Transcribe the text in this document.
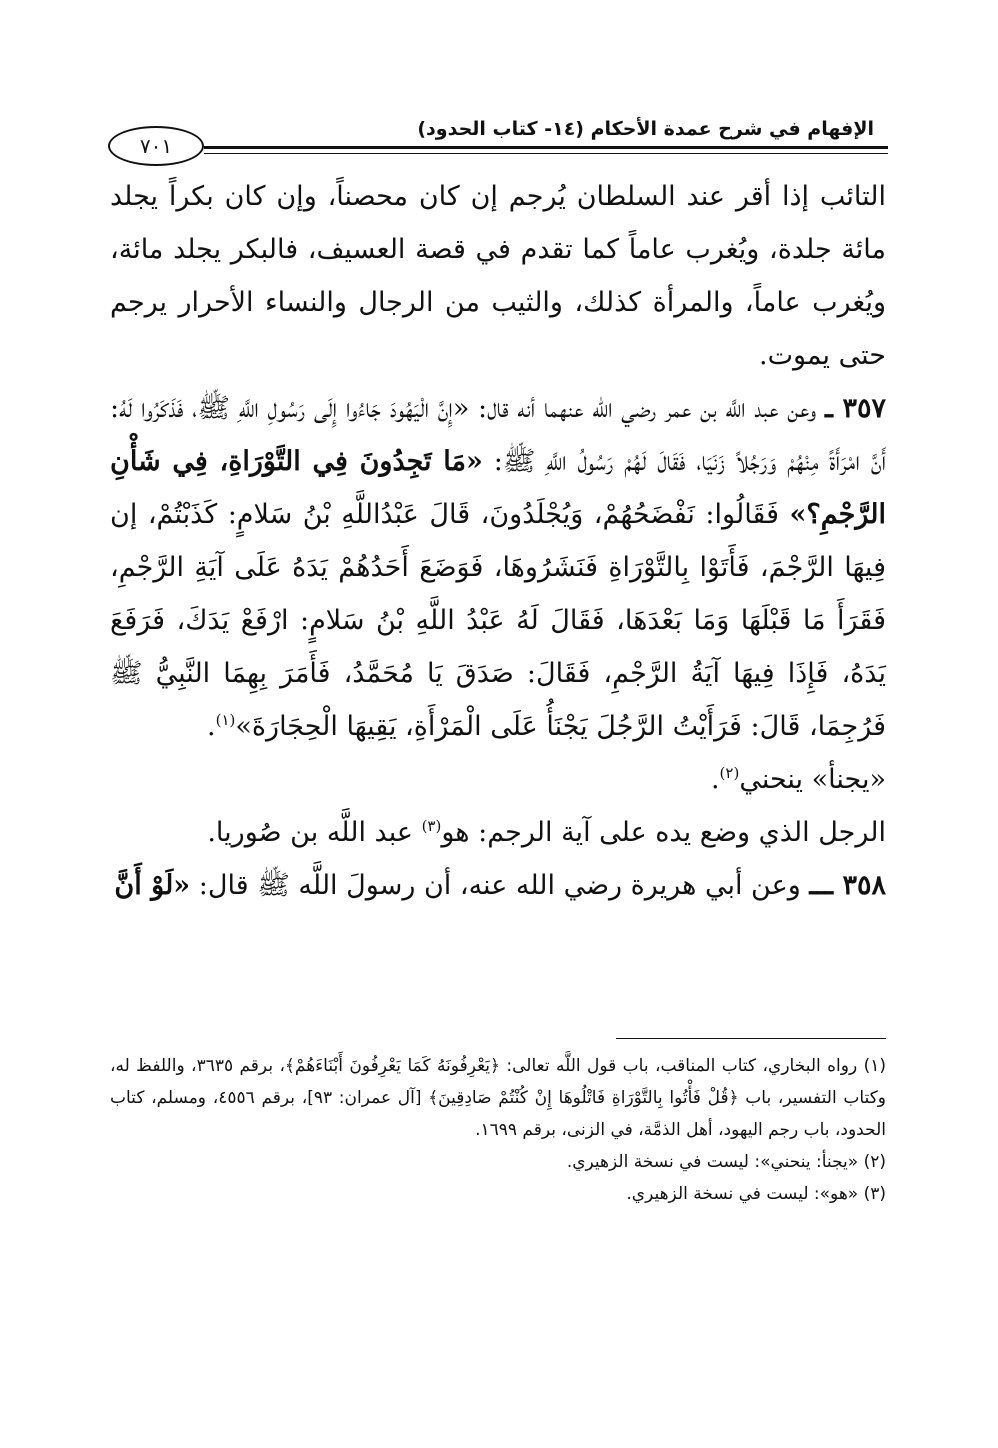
الإفهام في شرح عمدة الأحكام (١٤- كتاب الحدود)
٧٠١

التائب إذا أقر عند السلطان يُرجم إن كان محصناً، وإن كان بكراً يجلد مائة جلدة، ويُغرب عاماً كما تقدم في قصة العسيف، فالبكر يجلد مائة، ويُغرب عاماً، والمرأة كذلك، والثيب من الرجال والنساء الأحرار يرجم حتى يموت.

٣٥٧ ـ وعن عبد اللَّه بن عمر رضي الله عنهما أنه قال: «إِنَّ الْيَهُودَ جَاءُوا إِلَى رَسُولِ اللَّهِ ﷺ، فَذَكَرُوا لَهُ: أَنَّ امْرَأَةً مِنْهُمْ وَرَجُلاً زَنَيَا، فَقَالَ لَهُمْ رَسُولُ اللَّهِ ﷺ: «مَا تَجِدُونَ فِي التَّوْرَاةِ، فِي شَأْنِ الرَّجْمِ؟» فَقَالُوا: نَفْضَحُهُمْ، وَيُجْلَدُونَ، قَالَ عَبْدُاللَّهِ بْنُ سَلامٍ: كَذَبْتُمْ، إن فِيهَا الرَّجْمَ، فَأَتَوْا بِالتَّوْرَاةِ فَنَشَرُوهَا، فَوَضَعَ أَحَدُهُمْ يَدَهُ عَلَى آيَةِ الرَّجْمِ، فَقَرَأَ مَا قَبْلَهَا وَمَا بَعْدَهَا، فَقَالَ لَهُ عَبْدُ اللَّهِ بْنُ سَلامٍ: ارْفَعْ يَدَكَ، فَرَفَعَ يَدَهُ، فَإِذَا فِيهَا آيَةُ الرَّجْمِ، فَقَالَ: صَدَقَ يَا مُحَمَّدُ، فَأَمَرَ بِهِمَا النَّبِيُّ ﷺ فَرُجِمَا، قَالَ: فَرَأَيْتُ الرَّجُلَ يَجْنَأُ عَلَى الْمَرْأَةِ، يَقِيهَا الْحِجَارَةَ»$^{(١)}$.

«يجنأ» ينحني$^{(٢)}$.

الرجل الذي وضع يده على آية الرجم: هو$^{(٣)}$ عبد اللَّه بن صُوريا.

٣٥٨ ـــ وعن أبي هريرة رضي الله عنه، أن رسولَ اللَّه ﷺ قال: «لَوْ أَنَّ

(١) رواه البخاري، كتاب المناقب، باب قول اللَّه تعالى: ﴿يَعْرِفُونَهُ كَمَا يَعْرِفُونَ أَبْنَاءَهُمْ﴾، برقم ٣٦٣٥، واللفظ له، وكتاب التفسير، باب ﴿قُلْ فَأْتُوا بِالتَّوْرَاةِ فَاتْلُوهَا إِنْ كُنْتُمْ صَادِقِينَ﴾ [آل عمران: ٩٣]، برقم ٤٥٥٦، ومسلم، كتاب الحدود، باب رجم اليهود، أهل الذمَّة، في الزنى، برقم ١٦٩٩.

(٢) «يجنأ: ينحني»: ليست في نسخة الزهيري.

(٣) «هو»: ليست في نسخة الزهيري.
